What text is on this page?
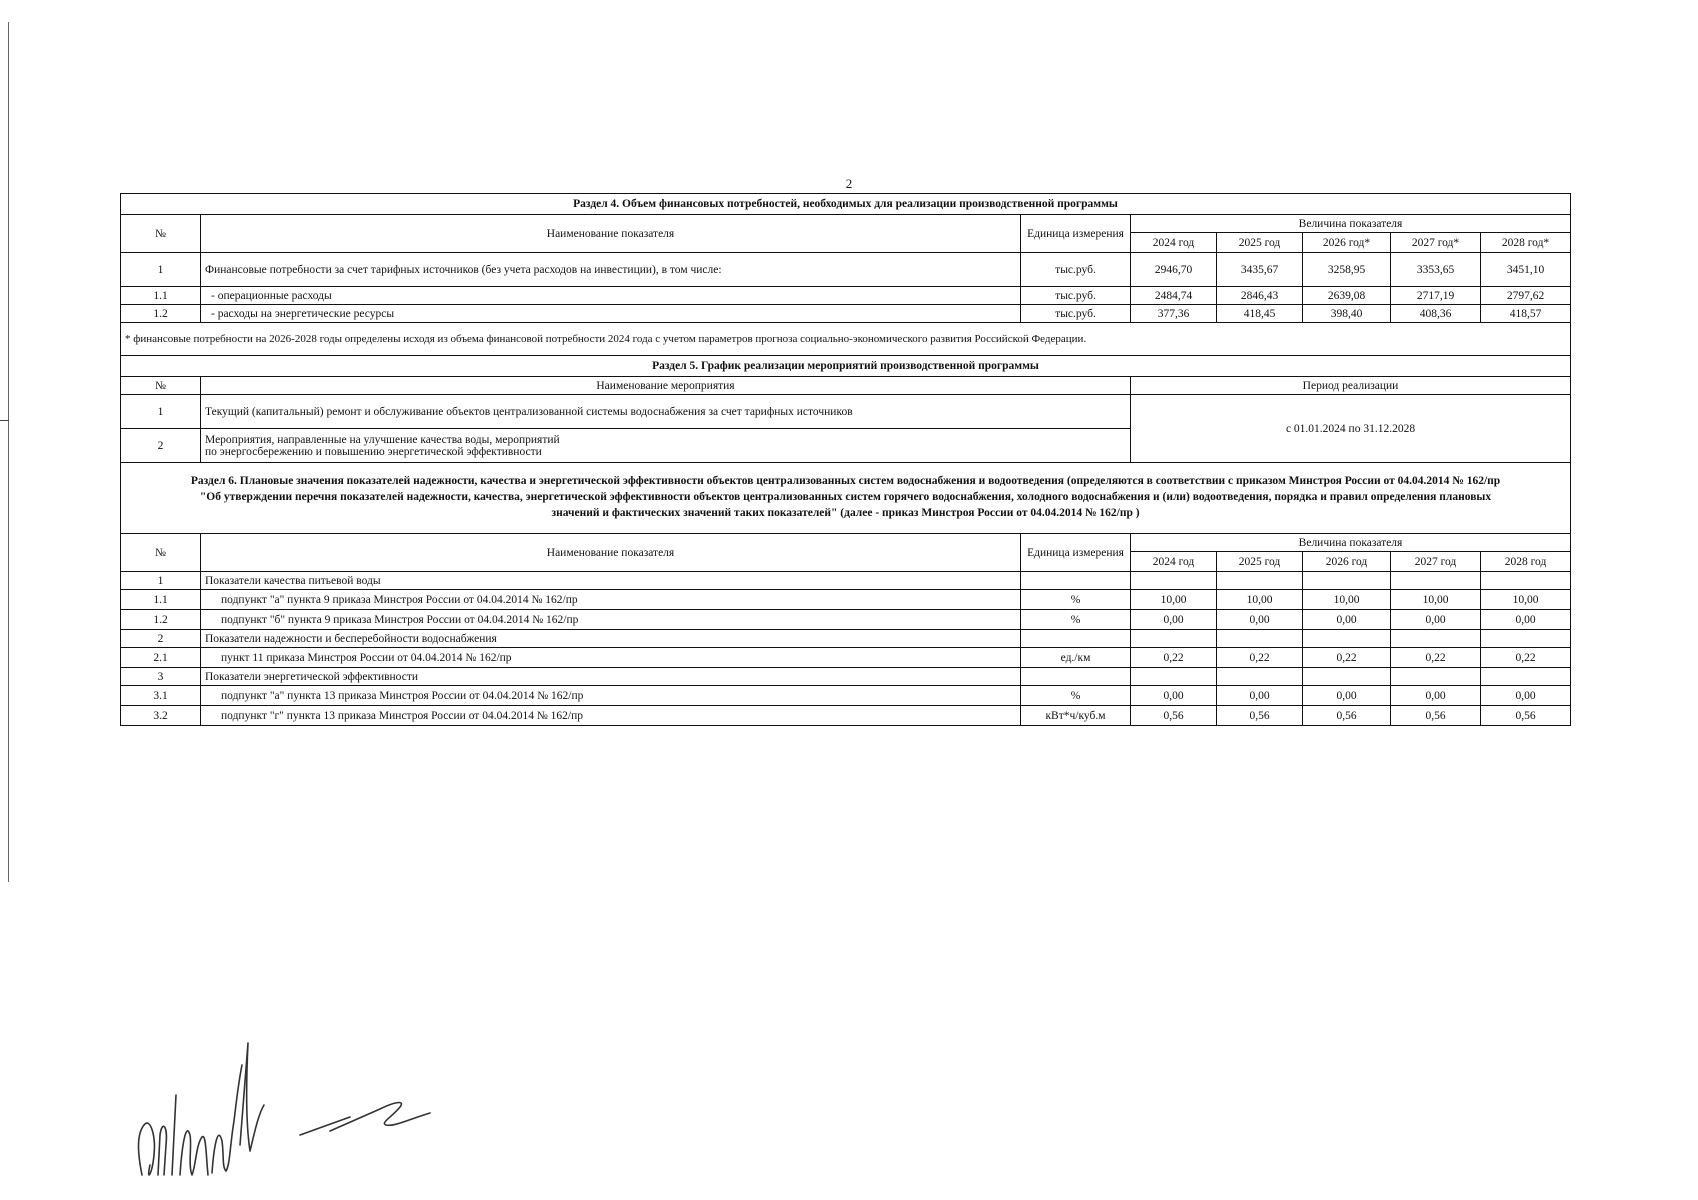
2
Раздел 4. Объем финансовых потребностей, необходимых для реализации производственной программы							
№	Наименование показателя	Единица измерения	Величина показателя				
			2024 год	2025 год	2026 год*	2027 год*	2028 год*
1	Финансовые потребности за счет тарифных источников (без учета расходов на инвестиции), в том числе:	тыс.руб.	2946,70	3435,67	3258,95	3353,65	3451,10
1.1	- операционные расходы	тыс.руб.	2484,74	2846,43	2639,08	2717,19	2797,62
1.2	- расходы на энергетические ресурсы	тыс.руб.	377,36	418,45	398,40	408,36	418,57
* финансовые потребности на 2026-2028 годы определены исходя из объема финансовой потребности 2024 года с учетом параметров прогноза социально-экономического развития Российской Федерации.							
Раздел 5. График реализации мероприятий производственной программы							
№	Наименование мероприятия		Период реализации				
1	Текущий (капитальный) ремонт и обслуживание объектов централизованной системы водоснабжения за счет тарифных источников		с 01.01.2024 по 31.12.2028				
2	Мероприятия, направленные на улучшение качества воды, мероприятий
по энергосбережению и повышению энергетической эффективности						

Раздел 6. Плановые значения показателей надежности, качества и энергетической эффективности объектов централизованных систем водоснабжения и водоотведения (определяются в соответствии с приказом Минстроя России от 04.04.2014 № 162/пр
"Об утверждении перечня показателей надежности, качества, энергетической эффективности объектов централизованных систем горячего водоснабжения, холодного водоснабжения и (или) водоотведения, порядка и правил определения плановых
значений и фактических значений таких показателей" (далее - приказ Минстроя России от 04.04.2014 № 162/пр )							

№	Наименование показателя	Единица измерения	Величина показателя				
			2024 год	2025 год	2026 год	2027 год	2028 год
1	Показатели качества питьевой воды						
1.1	подпункт "а" пункта 9 приказа Минстроя России от 04.04.2014 № 162/пр	%	10,00	10,00	10,00	10,00	10,00
1.2	подпункт "б" пункта 9 приказа Минстроя России от 04.04.2014 № 162/пр	%	0,00	0,00	0,00	0,00	0,00
2	Показатели надежности и бесперебойности водоснабжения						
2.1	пункт 11 приказа Минстроя России от 04.04.2014 № 162/пр	ед./км	0,22	0,22	0,22	0,22	0,22
3	Показатели энергетической эффективности						
3.1	подпункт "а" пункта 13 приказа Минстроя России от 04.04.2014 № 162/пр	%	0,00	0,00	0,00	0,00	0,00
3.2	подпункт "г" пункта 13 приказа Минстроя России от 04.04.2014 № 162/пр	кВт*ч/куб.м	0,56	0,56	0,56	0,56	0,56
